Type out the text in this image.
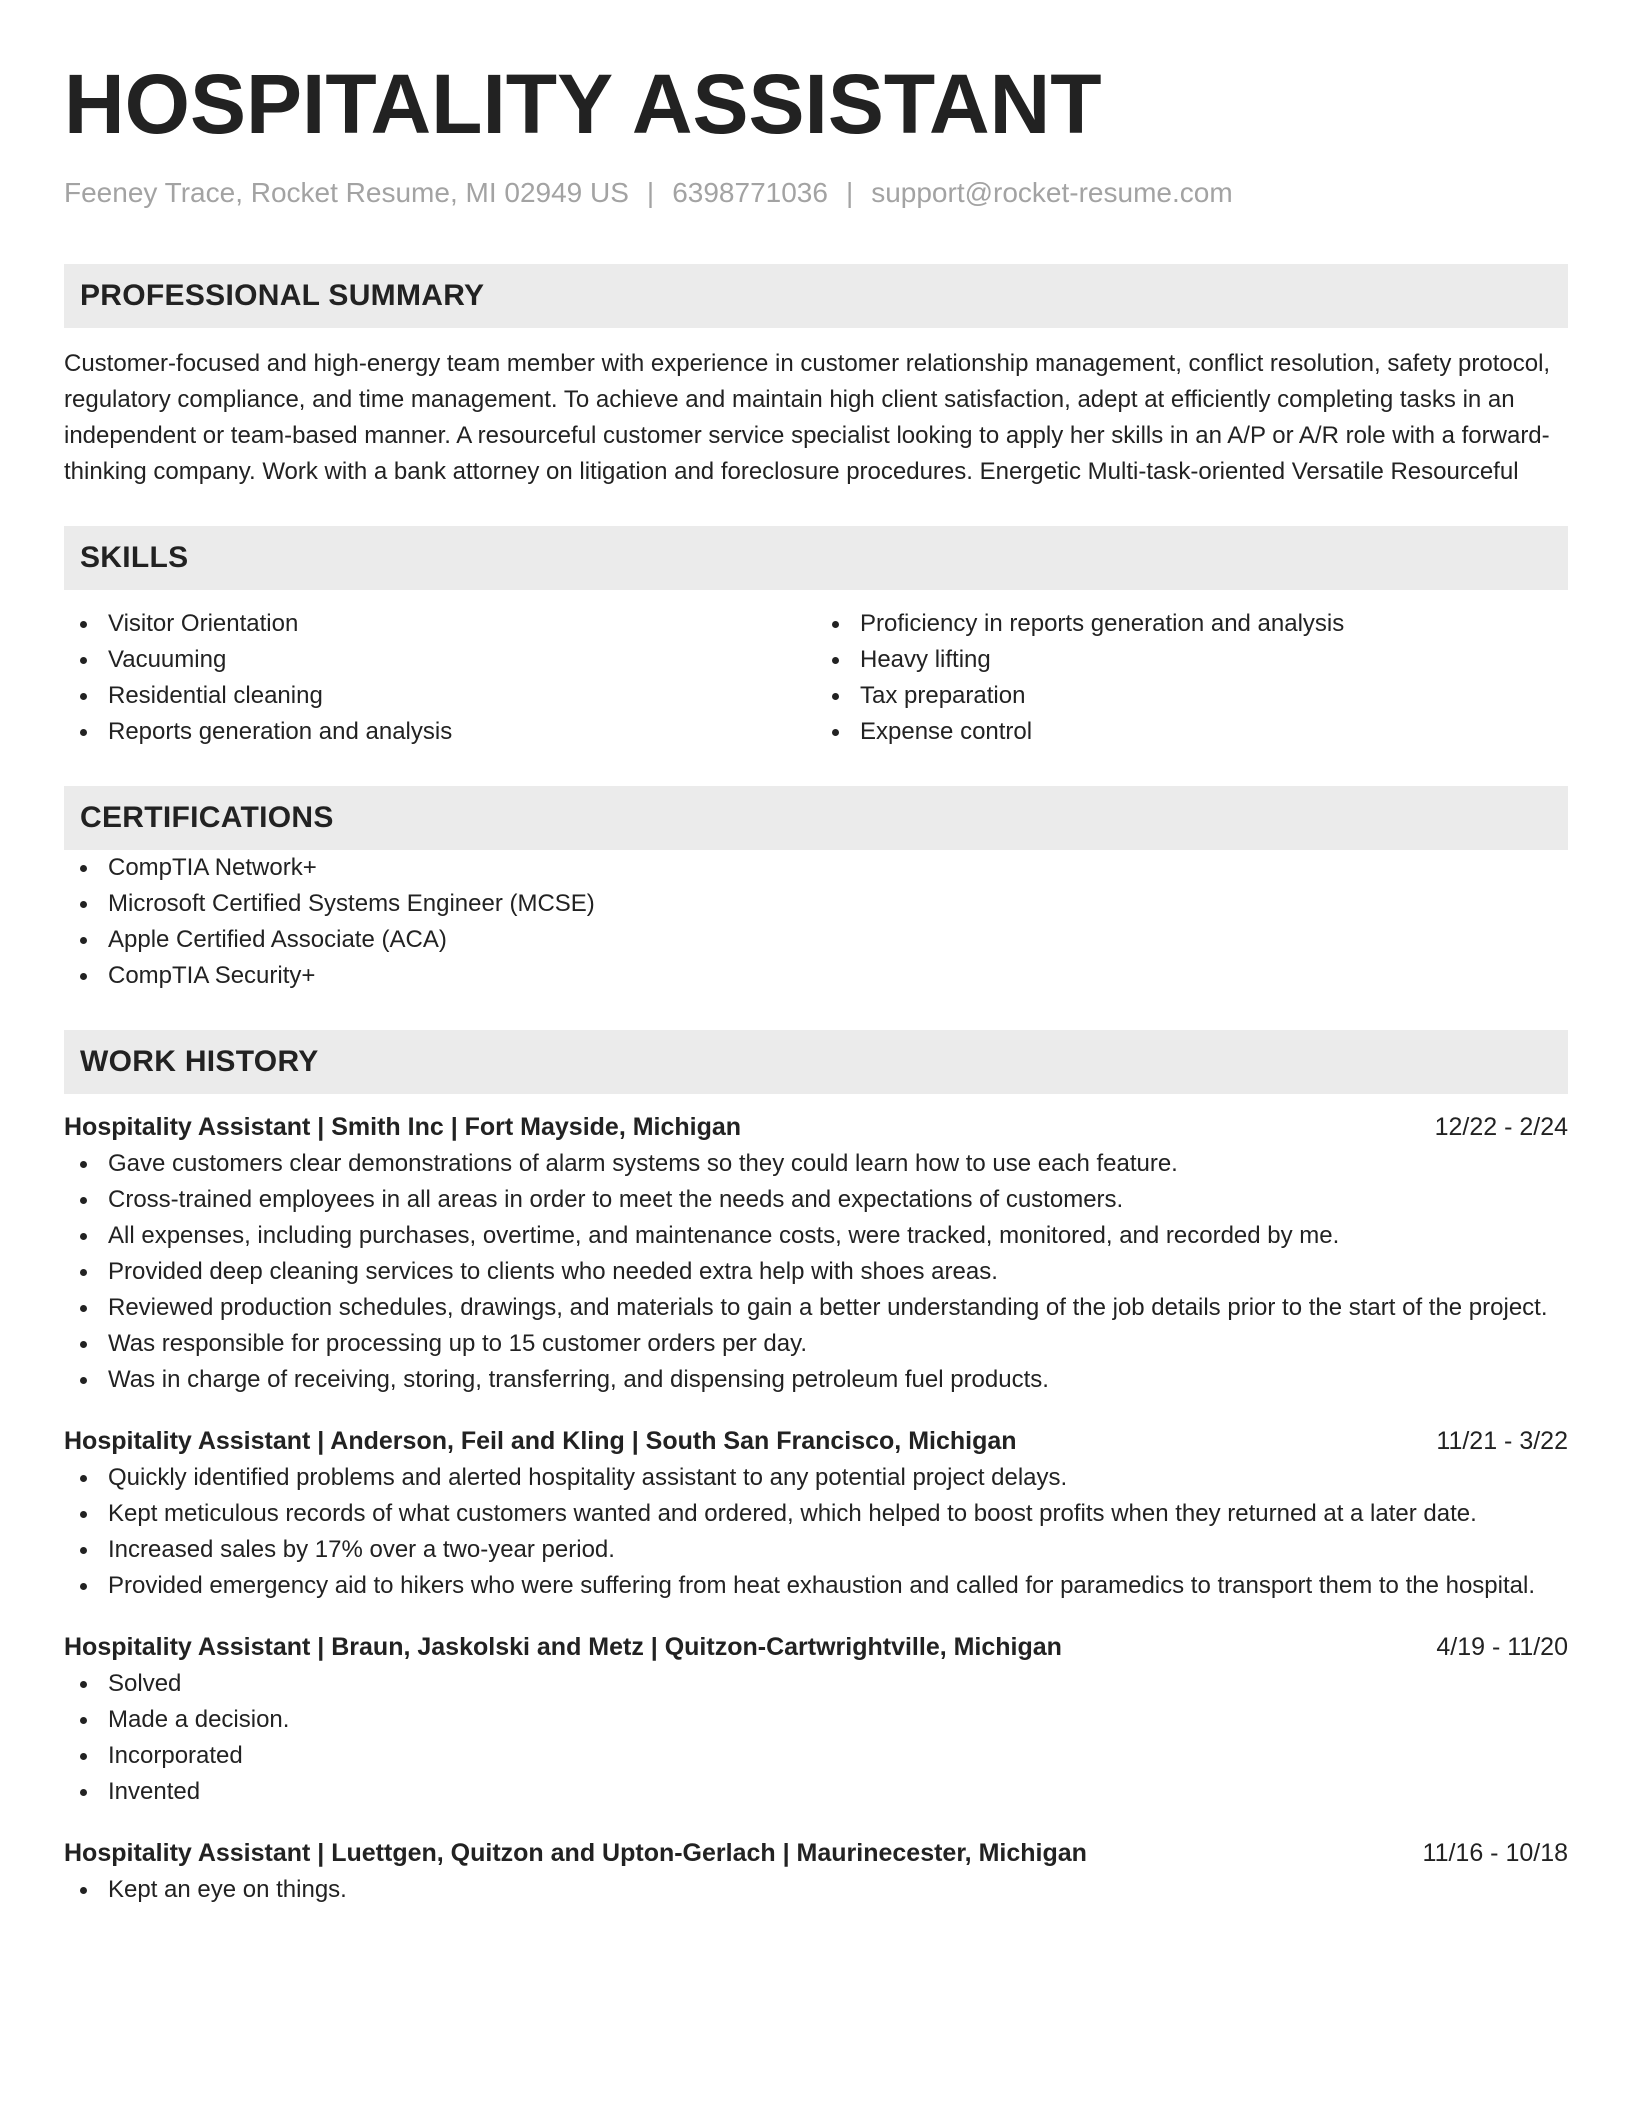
HOSPITALITY ASSISTANT
Feeney Trace, Rocket Resume, MI 02949 US | 6398771036 | support@rocket-resume.com
PROFESSIONAL SUMMARY
Customer-focused and high-energy team member with experience in customer relationship management, conflict resolution, safety protocol, regulatory compliance, and time management. To achieve and maintain high client satisfaction, adept at efficiently completing tasks in an independent or team-based manner. A resourceful customer service specialist looking to apply her skills in an A/P or A/R role with a forward-thinking company. Work with a bank attorney on litigation and foreclosure procedures. Energetic Multi-task-oriented Versatile Resourceful
SKILLS
Visitor Orientation
Vacuuming
Residential cleaning
Reports generation and analysis
Proficiency in reports generation and analysis
Heavy lifting
Tax preparation
Expense control
CERTIFICATIONS
CompTIA Network+
Microsoft Certified Systems Engineer (MCSE)
Apple Certified Associate (ACA)
CompTIA Security+
WORK HISTORY
Hospitality Assistant | Smith Inc | Fort Mayside, Michigan	12/22 - 2/24
Gave customers clear demonstrations of alarm systems so they could learn how to use each feature.
Cross-trained employees in all areas in order to meet the needs and expectations of customers.
All expenses, including purchases, overtime, and maintenance costs, were tracked, monitored, and recorded by me.
Provided deep cleaning services to clients who needed extra help with shoes areas.
Reviewed production schedules, drawings, and materials to gain a better understanding of the job details prior to the start of the project.
Was responsible for processing up to 15 customer orders per day.
Was in charge of receiving, storing, transferring, and dispensing petroleum fuel products.
Hospitality Assistant | Anderson, Feil and Kling | South San Francisco, Michigan	11/21 - 3/22
Quickly identified problems and alerted hospitality assistant to any potential project delays.
Kept meticulous records of what customers wanted and ordered, which helped to boost profits when they returned at a later date.
Increased sales by 17% over a two-year period.
Provided emergency aid to hikers who were suffering from heat exhaustion and called for paramedics to transport them to the hospital.
Hospitality Assistant | Braun, Jaskolski and Metz | Quitzon-Cartwrightville, Michigan	4/19 - 11/20
Solved
Made a decision.
Incorporated
Invented
Hospitality Assistant | Luettgen, Quitzon and Upton-Gerlach | Maurinecester, Michigan	11/16 - 10/18
Kept an eye on things.
